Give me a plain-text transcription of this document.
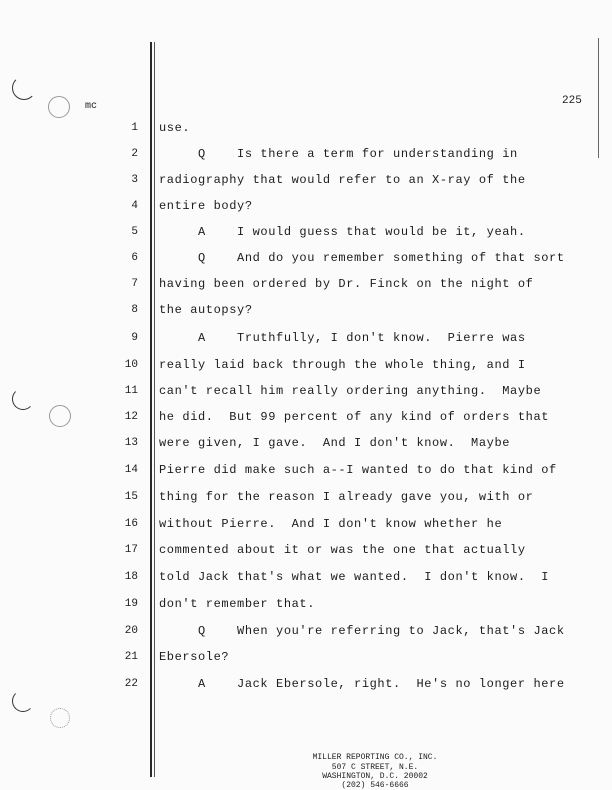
mc	225
1 use.
2 Q    Is there a term for understanding in
3 radiography that would refer to an X-ray of the
4 entire body?
5 A    I would guess that would be it, yeah.
6 Q    And do you remember something of that sort
7 having been ordered by Dr. Finck on the night of
8 the autopsy?
9 A    Truthfully, I don't know.  Pierre was
10 really laid back through the whole thing, and I
11 can't recall him really ordering anything.  Maybe
12 he did.  But 99 percent of any kind of orders that
13 were given, I gave.  And I don't know.  Maybe
14 Pierre did make such a--I wanted to do that kind of
15 thing for the reason I already gave you, with or
16 without Pierre.  And I don't know whether he
17 commented about it or was the one that actually
18 told Jack that's what we wanted.  I don't know.  I
19 don't remember that.
20 Q    When you're referring to Jack, that's Jack
21 Ebersole?
22 A    Jack Ebersole, right.  He's no longer here
MILLER REPORTING CO., INC.
507 C STREET, N.E.
WASHINGTON, D.C. 20002
(202) 546-6666
